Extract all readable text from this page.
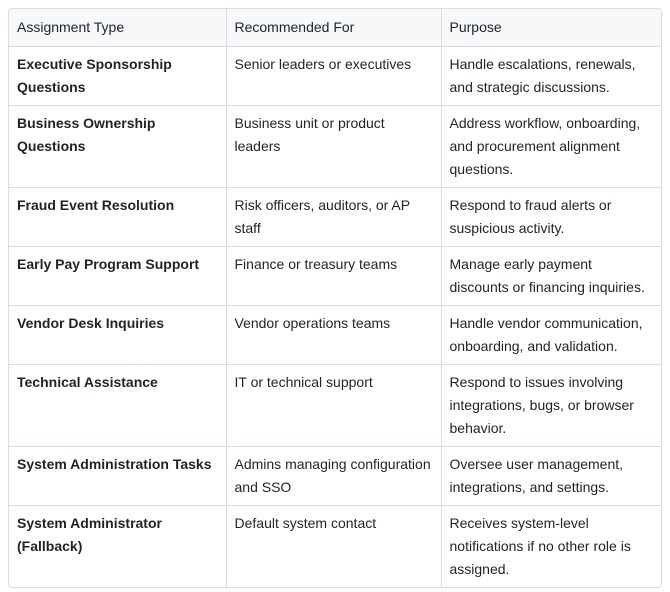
Assignment Type	Recommended For	Purpose
Executive Sponsorship Questions	Senior leaders or executives	Handle escalations, renewals, and strategic discussions.
Business Ownership Questions	Business unit or product leaders	Address workflow, onboarding, and procurement alignment questions.
Fraud Event Resolution	Risk officers, auditors, or AP staff	Respond to fraud alerts or suspicious activity.
Early Pay Program Support	Finance or treasury teams	Manage early payment discounts or financing inquiries.
Vendor Desk Inquiries	Vendor operations teams	Handle vendor communication, onboarding, and validation.
Technical Assistance	IT or technical support	Respond to issues involving integrations, bugs, or browser behavior.
System Administration Tasks	Admins managing configuration and SSO	Oversee user management, integrations, and settings.
System Administrator (Fallback)	Default system contact	Receives system-level notifications if no other role is assigned.
